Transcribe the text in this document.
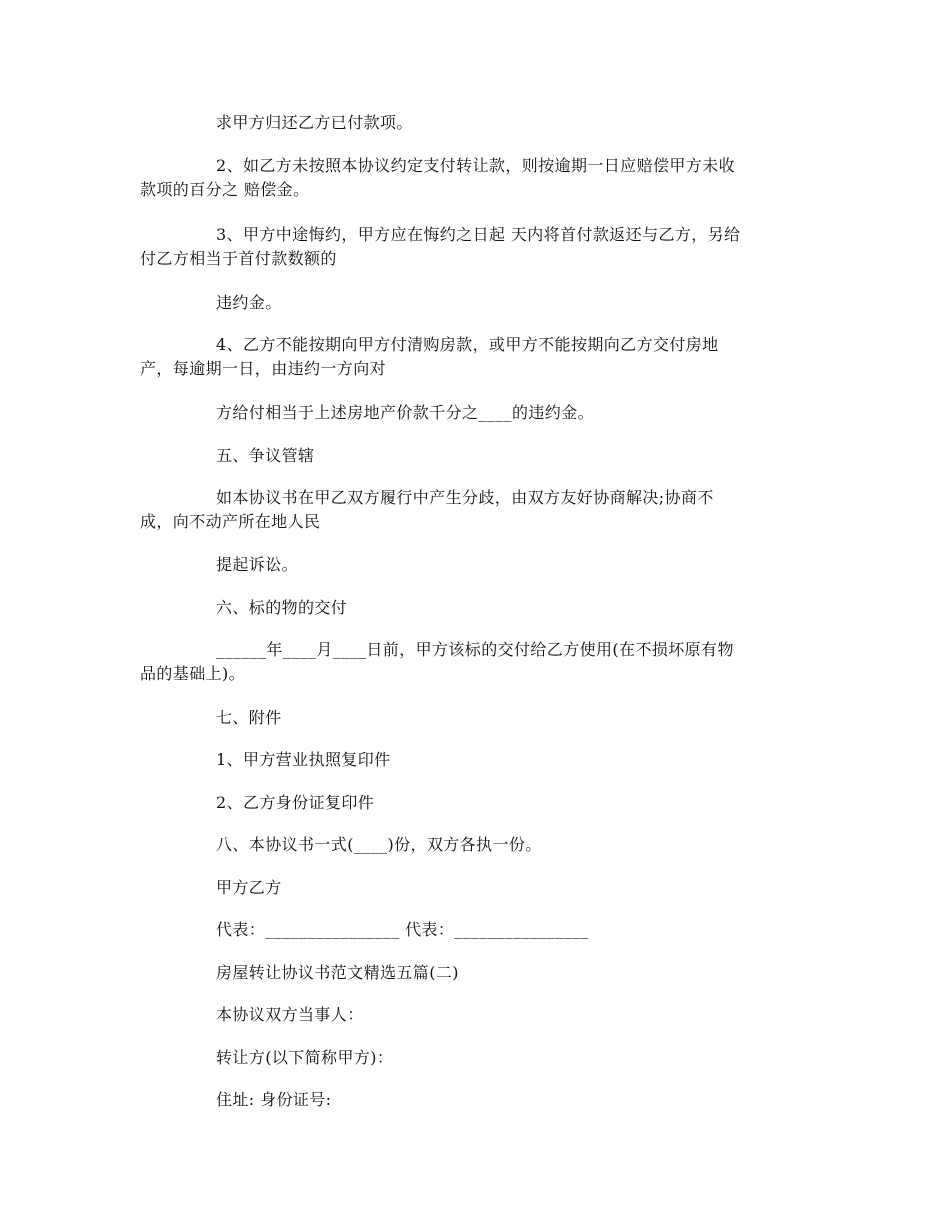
求甲方归还乙方已付款项。

2、如乙方未按照本协议约定支付转让款，则按逾期一日应赔偿甲方未收
款项的百分之 赔偿金。

3、甲方中途悔约，甲方应在悔约之日起 天内将首付款返还与乙方，另给
付乙方相当于首付款数额的

违约金。

4、乙方不能按期向甲方付清购房款，或甲方不能按期向乙方交付房地
产，每逾期一日，由违约一方向对

方给付相当于上述房地产价款千分之____的违约金。

五、争议管辖

如本协议书在甲乙双方履行中产生分歧，由双方友好协商解决;协商不
成，向不动产所在地人民

提起诉讼。

六、标的物的交付

______年____月____日前，甲方该标的交付给乙方使用(在不损坏原有物
品的基础上)。

七、附件

1、甲方营业执照复印件

2、乙方身份证复印件

八、本协议书一式(____)份，双方各执一份。

甲方乙方

代表：________________ 代表：________________

房屋转让协议书范文精选五篇(二)

本协议双方当事人：

转让方(以下简称甲方)：

住址: 身份证号:
